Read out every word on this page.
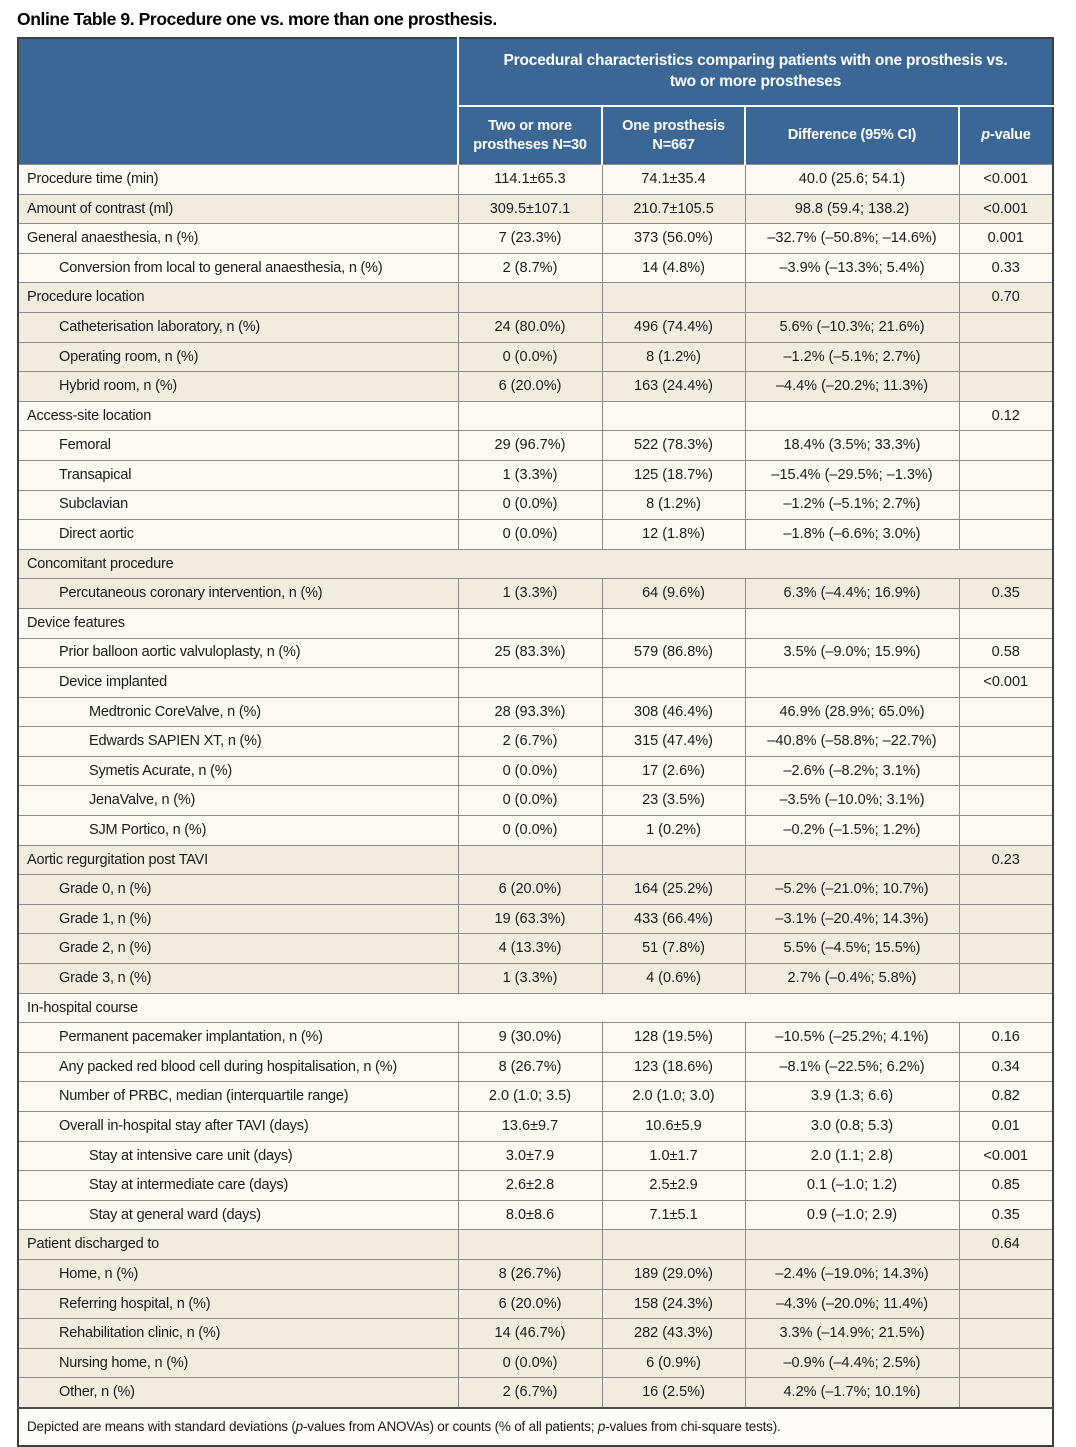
Online Table 9. Procedure one vs. more than one prosthesis.
	Procedural characteristics comparing patients with one prosthesis vs. two or more prostheses			
	Two or more prostheses N=30	One prosthesis N=667	Difference (95% CI)	p-value
Procedure time (min)	114.1±65.3	74.1±35.4	40.0 (25.6; 54.1)	<0.001
Amount of contrast (ml)	309.5±107.1	210.7±105.5	98.8 (59.4; 138.2)	<0.001
General anaesthesia, n (%)	7 (23.3%)	373 (56.0%)	–32.7% (–50.8%; –14.6%)	0.001
Conversion from local to general anaesthesia, n (%)	2 (8.7%)	14 (4.8%)	–3.9% (–13.3%; 5.4%)	0.33
Procedure location				0.70
Catheterisation laboratory, n (%)	24 (80.0%)	496 (74.4%)	5.6% (–10.3%; 21.6%)	
Operating room, n (%)	0 (0.0%)	8 (1.2%)	–1.2% (–5.1%; 2.7%)	
Hybrid room, n (%)	6 (20.0%)	163 (24.4%)	–4.4% (–20.2%; 11.3%)	
Access-site location				0.12
Femoral	29 (96.7%)	522 (78.3%)	18.4% (3.5%; 33.3%)	
Transapical	1 (3.3%)	125 (18.7%)	–15.4% (–29.5%; –1.3%)	
Subclavian	0 (0.0%)	8 (1.2%)	–1.2% (–5.1%; 2.7%)	
Direct aortic	0 (0.0%)	12 (1.8%)	–1.8% (–6.6%; 3.0%)	
Concomitant procedure				
Percutaneous coronary intervention, n (%)	1 (3.3%)	64 (9.6%)	6.3% (–4.4%; 16.9%)	0.35
Device features				
Prior balloon aortic valvuloplasty, n (%)	25 (83.3%)	579 (86.8%)	3.5% (–9.0%; 15.9%)	0.58
Device implanted				<0.001
Medtronic CoreValve, n (%)	28 (93.3%)	308 (46.4%)	46.9% (28.9%; 65.0%)	
Edwards SAPIEN XT, n (%)	2 (6.7%)	315 (47.4%)	–40.8% (–58.8%; –22.7%)	
Symetis Acurate, n (%)	0 (0.0%)	17 (2.6%)	–2.6% (–8.2%; 3.1%)	
JenaValve, n (%)	0 (0.0%)	23 (3.5%)	–3.5% (–10.0%; 3.1%)	
SJM Portico, n (%)	0 (0.0%)	1 (0.2%)	–0.2% (–1.5%; 1.2%)	
Aortic regurgitation post TAVI				0.23
Grade 0, n (%)	6 (20.0%)	164 (25.2%)	–5.2% (–21.0%; 10.7%)	
Grade 1, n (%)	19 (63.3%)	433 (66.4%)	–3.1% (–20.4%; 14.3%)	
Grade 2, n (%)	4 (13.3%)	51 (7.8%)	5.5% (–4.5%; 15.5%)	
Grade 3, n (%)	1 (3.3%)	4 (0.6%)	2.7% (–0.4%; 5.8%)	
In-hospital course				
Permanent pacemaker implantation, n (%)	9 (30.0%)	128 (19.5%)	–10.5% (–25.2%; 4.1%)	0.16
Any packed red blood cell during hospitalisation, n (%)	8 (26.7%)	123 (18.6%)	–8.1% (–22.5%; 6.2%)	0.34
Number of PRBC, median (interquartile range)	2.0 (1.0; 3.5)	2.0 (1.0; 3.0)	3.9 (1.3; 6.6)	0.82
Overall in-hospital stay after TAVI (days)	13.6±9.7	10.6±5.9	3.0 (0.8; 5.3)	0.01
Stay at intensive care unit (days)	3.0±7.9	1.0±1.7	2.0 (1.1; 2.8)	<0.001
Stay at intermediate care (days)	2.6±2.8	2.5±2.9	0.1 (–1.0; 1.2)	0.85
Stay at general ward (days)	8.0±8.6	7.1±5.1	0.9 (–1.0; 2.9)	0.35
Patient discharged to				0.64
Home, n (%)	8 (26.7%)	189 (29.0%)	–2.4% (–19.0%; 14.3%)	
Referring hospital, n (%)	6 (20.0%)	158 (24.3%)	–4.3% (–20.0%; 11.4%)	
Rehabilitation clinic, n (%)	14 (46.7%)	282 (43.3%)	3.3% (–14.9%; 21.5%)	
Nursing home, n (%)	0 (0.0%)	6 (0.9%)	–0.9% (–4.4%; 2.5%)	
Other, n (%)	2 (6.7%)	16 (2.5%)	4.2% (–1.7%; 10.1%)	
Depicted are means with standard deviations (p-values from ANOVAs) or counts (% of all patients; p-values from chi-square tests).				
